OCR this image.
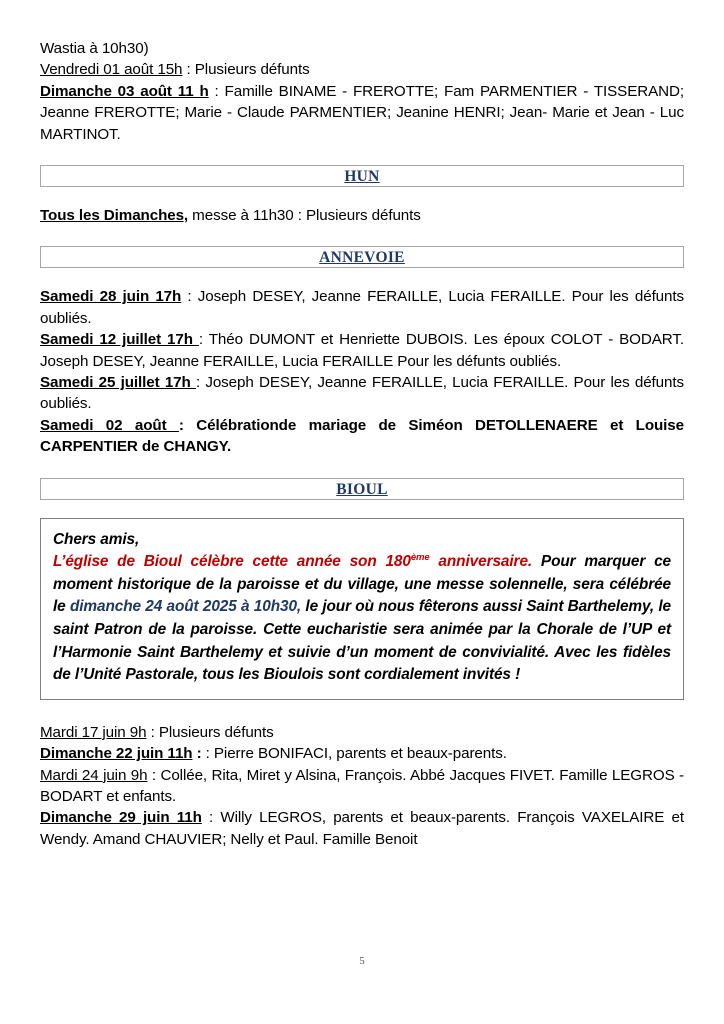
Wastia à 10h30)

Vendredi 01 août 15h : Plusieurs défunts

Dimanche 03 août 11 h : Famille BINAME - FREROTTE; Fam PARMENTIER - TISSERAND; Jeanne FREROTTE; Marie - Claude PARMENTIER; Jeanine HENRI; Jean- Marie et Jean - Luc MARTINOT.

HUN

Tous les Dimanches, messe à 11h30 : Plusieurs défunts

ANNEVOIE

Samedi 28 juin 17h : Joseph DESEY, Jeanne FERAILLE, Lucia FERAILLE. Pour les défunts oubliés.

Samedi 12 juillet 17h : Théo DUMONT et Henriette DUBOIS. Les époux COLOT - BODART. Joseph DESEY, Jeanne FERAILLE, Lucia FERAILLE Pour les défunts oubliés.

Samedi 25 juillet 17h : Joseph DESEY, Jeanne FERAILLE, Lucia FERAILLE. Pour les défunts oubliés.

Samedi 02 août : Célébrationde mariage de Siméon DETOLLENAERE et Louise CARPENTIER de CHANGY.

BIOUL

Chers amis,

L’église de Bioul célèbre cette année son 180ème anniversaire. Pour marquer ce moment historique de la paroisse et du village, une messe solennelle, sera célébrée le dimanche 24 août 2025 à 10h30, le jour où nous fêterons aussi Saint Barthelemy, le saint Patron de la paroisse. Cette eucharistie sera animée par la Chorale de l’UP et l’Harmonie Saint Barthelemy et suivie d’un moment de convivialité. Avec les fidèles de l’Unité Pastorale, tous les Bioulois sont cordialement invités !

Mardi 17 juin 9h : Plusieurs défunts

Dimanche 22 juin 11h : : Pierre BONIFACI, parents et beaux-parents.

Mardi 24 juin 9h : Collée, Rita, Miret y Alsina, François. Abbé Jacques FIVET. Famille LEGROS - BODART et enfants.

Dimanche 29 juin 11h : Willy LEGROS, parents et beaux-parents. François VAXELAIRE et Wendy. Amand CHAUVIER; Nelly et Paul. Famille Benoit

5
